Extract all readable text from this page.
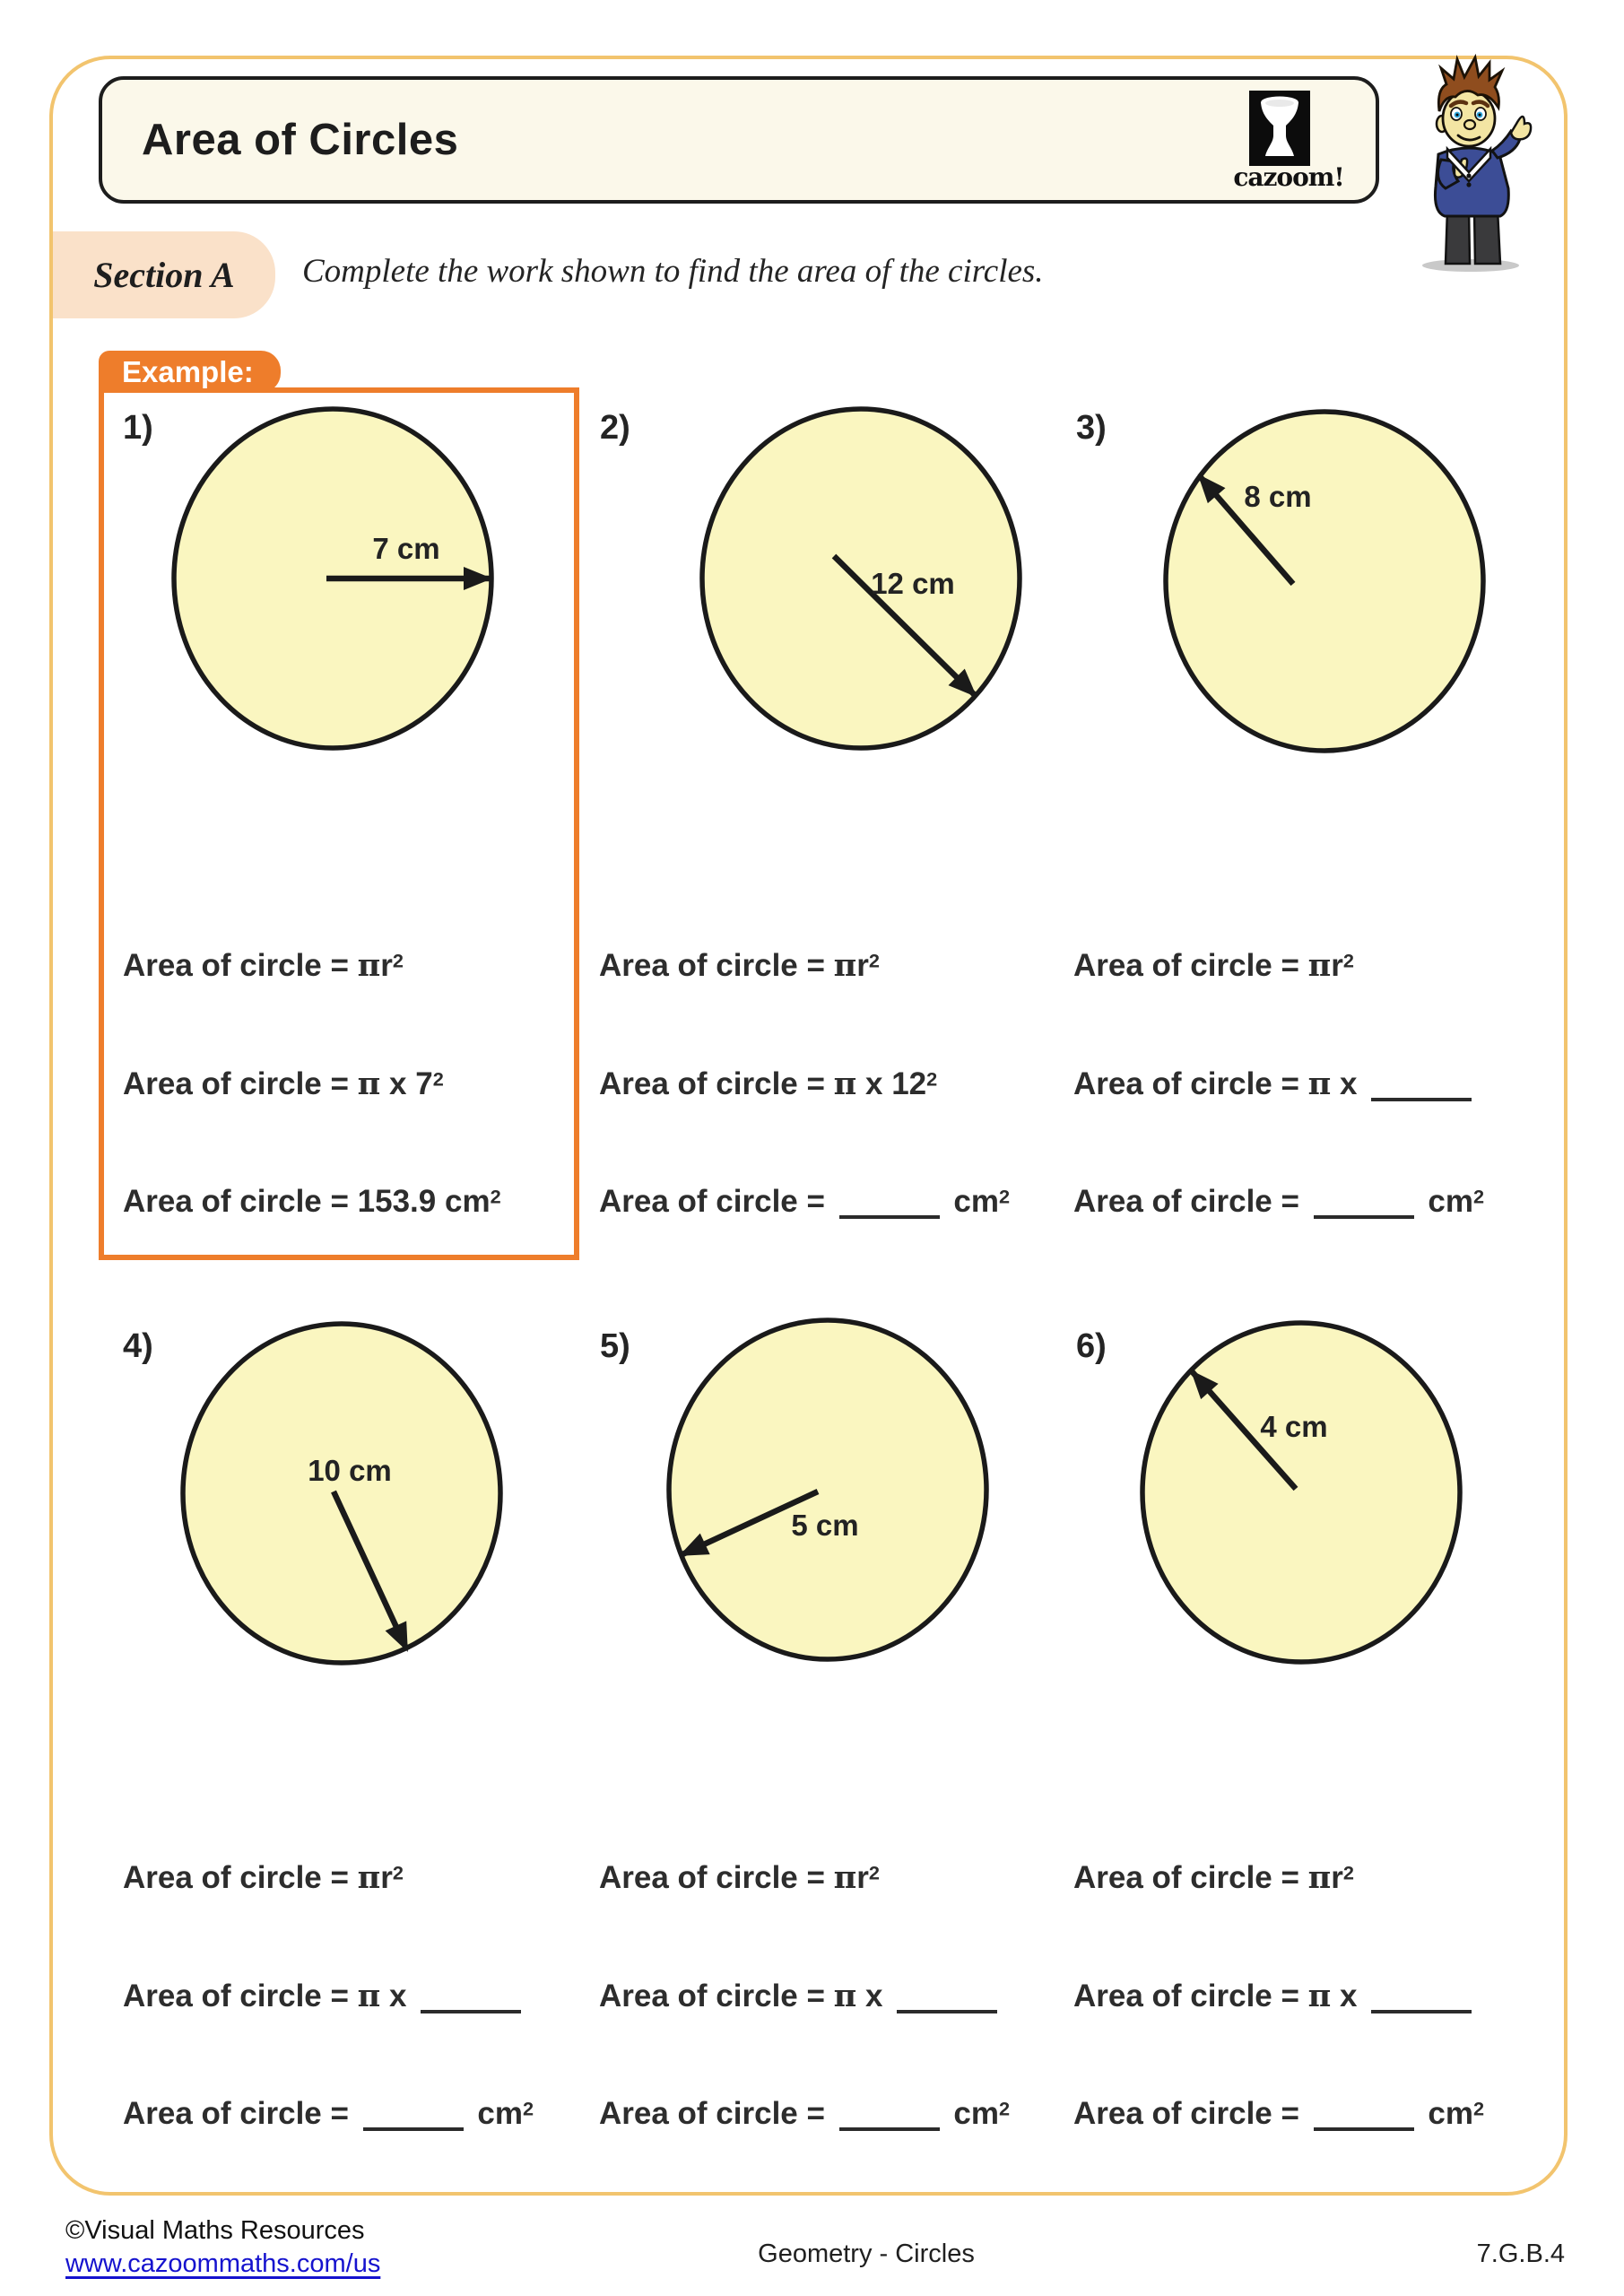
Area of Circles
cazoom!
Section A Complete the work shown to find the area of the circles.
Example:
1)	2)	3)
4)	5)	6)
7 cm
12 cm
8 cm
10 cm
5 cm
4 cm
Area of circle = $\pi r^2$
Area of circle = π x $7^2$
Area of circle = 153.9 $cm^2$
Area of circle = $\pi r^2$
Area of circle = π x $12^2$
Area of circle =	$cm^2$
Area of circle = $\pi r^2$
Area of circle = π x
Area of circle =	$cm^2$
Area of circle = $\pi r^2$
Area of circle = π x
Area of circle =	$cm^2$
Area of circle = $\pi r^2$
Area of circle = π x
Area of circle =	$cm^2$
Area of circle = $\pi r^2$
Area of circle = π x
Area of circle =	$cm^2$
©Visual Maths Resources
www.cazoommaths.com/us	Geometry - Circles	7.G.B.4
